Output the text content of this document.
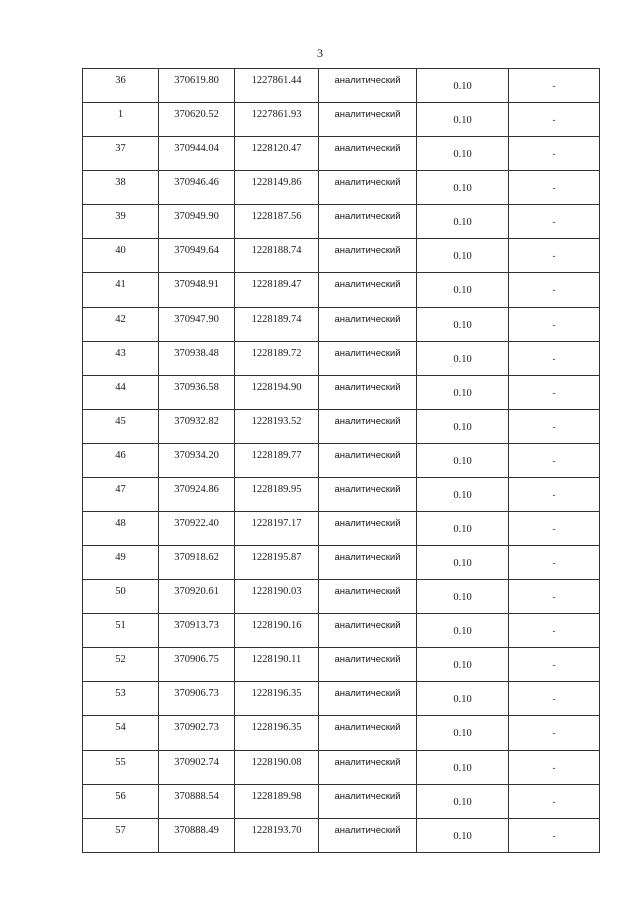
3
36	370619.80	1227861.44	аналитический	0.10	-

1	370620.52	1227861.93	аналитический	0.10	-

37	370944.04	1228120.47	аналитический	0.10	-

38	370946.46	1228149.86	аналитический	0.10	-

39	370949.90	1228187.56	аналитический	0.10	-

40	370949.64	1228188.74	аналитический	0.10	-

41	370948.91	1228189.47	аналитический	0.10	-

42	370947.90	1228189.74	аналитический	0.10	-

43	370938.48	1228189.72	аналитический	0.10	-

44	370936.58	1228194.90	аналитический	0.10	-

45	370932.82	1228193.52	аналитический	0.10	-

46	370934.20	1228189.77	аналитический	0.10	-

47	370924.86	1228189.95	аналитический	0.10	-

48	370922.40	1228197.17	аналитический	0.10	-

49	370918.62	1228195.87	аналитический	0.10	-

50	370920.61	1228190.03	аналитический	0.10	-

51	370913.73	1228190.16	аналитический	0.10	-

52	370906.75	1228190.11	аналитический	0.10	-

53	370906.73	1228196.35	аналитический	0.10	-

54	370902.73	1228196.35	аналитический	0.10	-

55	370902.74	1228190.08	аналитический	0.10	-

56	370888.54	1228189.98	аналитический	0.10	-

57	370888.49	1228193.70	аналитический	0.10	-
